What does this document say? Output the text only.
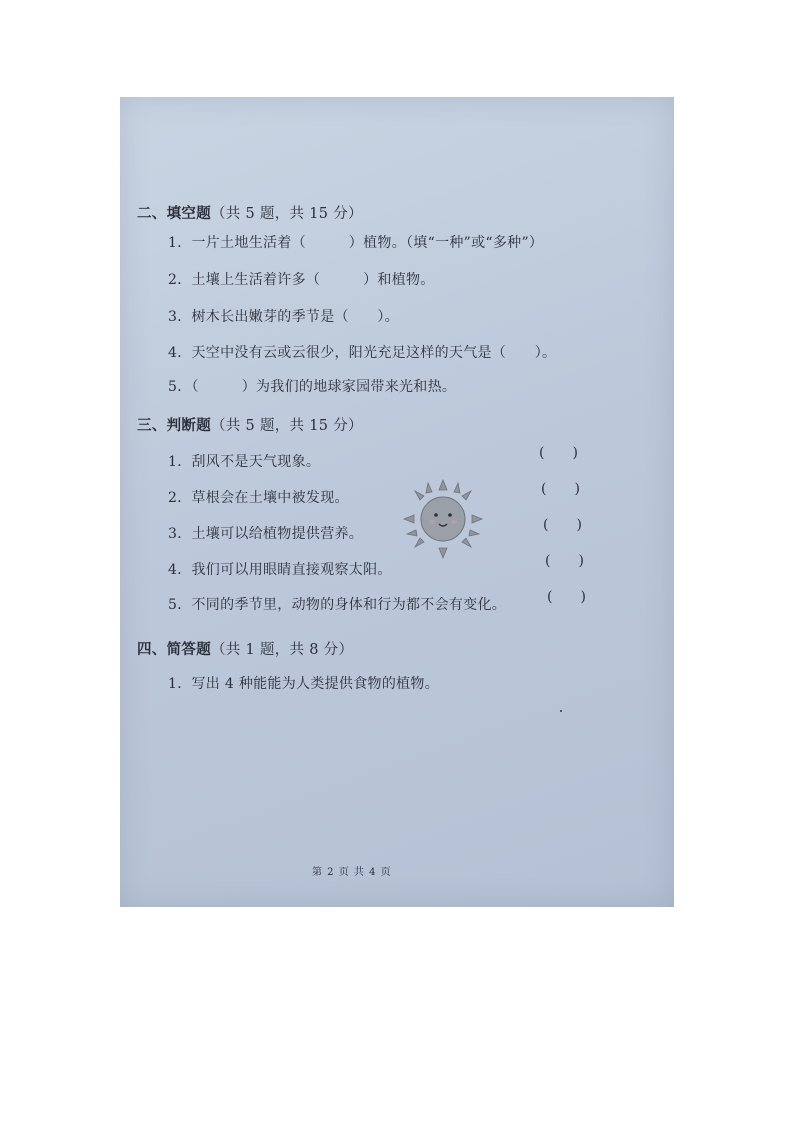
二、填空题（共 5 题，共 15 分）
1．一片土地生活着（　　　）植物。（填“一种”或“多种”）
2．土壤上生活着许多（　　　）和植物。
3．树木长出嫩芽的季节是（　　）。
4．天空中没有云或云很少，阳光充足这样的天气是（　　）。
5．（　　　）为我们的地球家园带来光和热。
三、判断题（共 5 题，共 15 分）
1．刮风不是天气现象。
2．草根会在土壤中被发现。
3．土壤可以给植物提供营养。
4．我们可以用眼睛直接观察太阳。
5．不同的季节里，动物的身体和行为都不会有变化。
(　　)
(　　)
(　　)
(　　)
(　　)
四、简答题（共 1 题，共 8 分）
1．写出 4 种能能为人类提供食物的植物。
第 2 页 共 4 页
